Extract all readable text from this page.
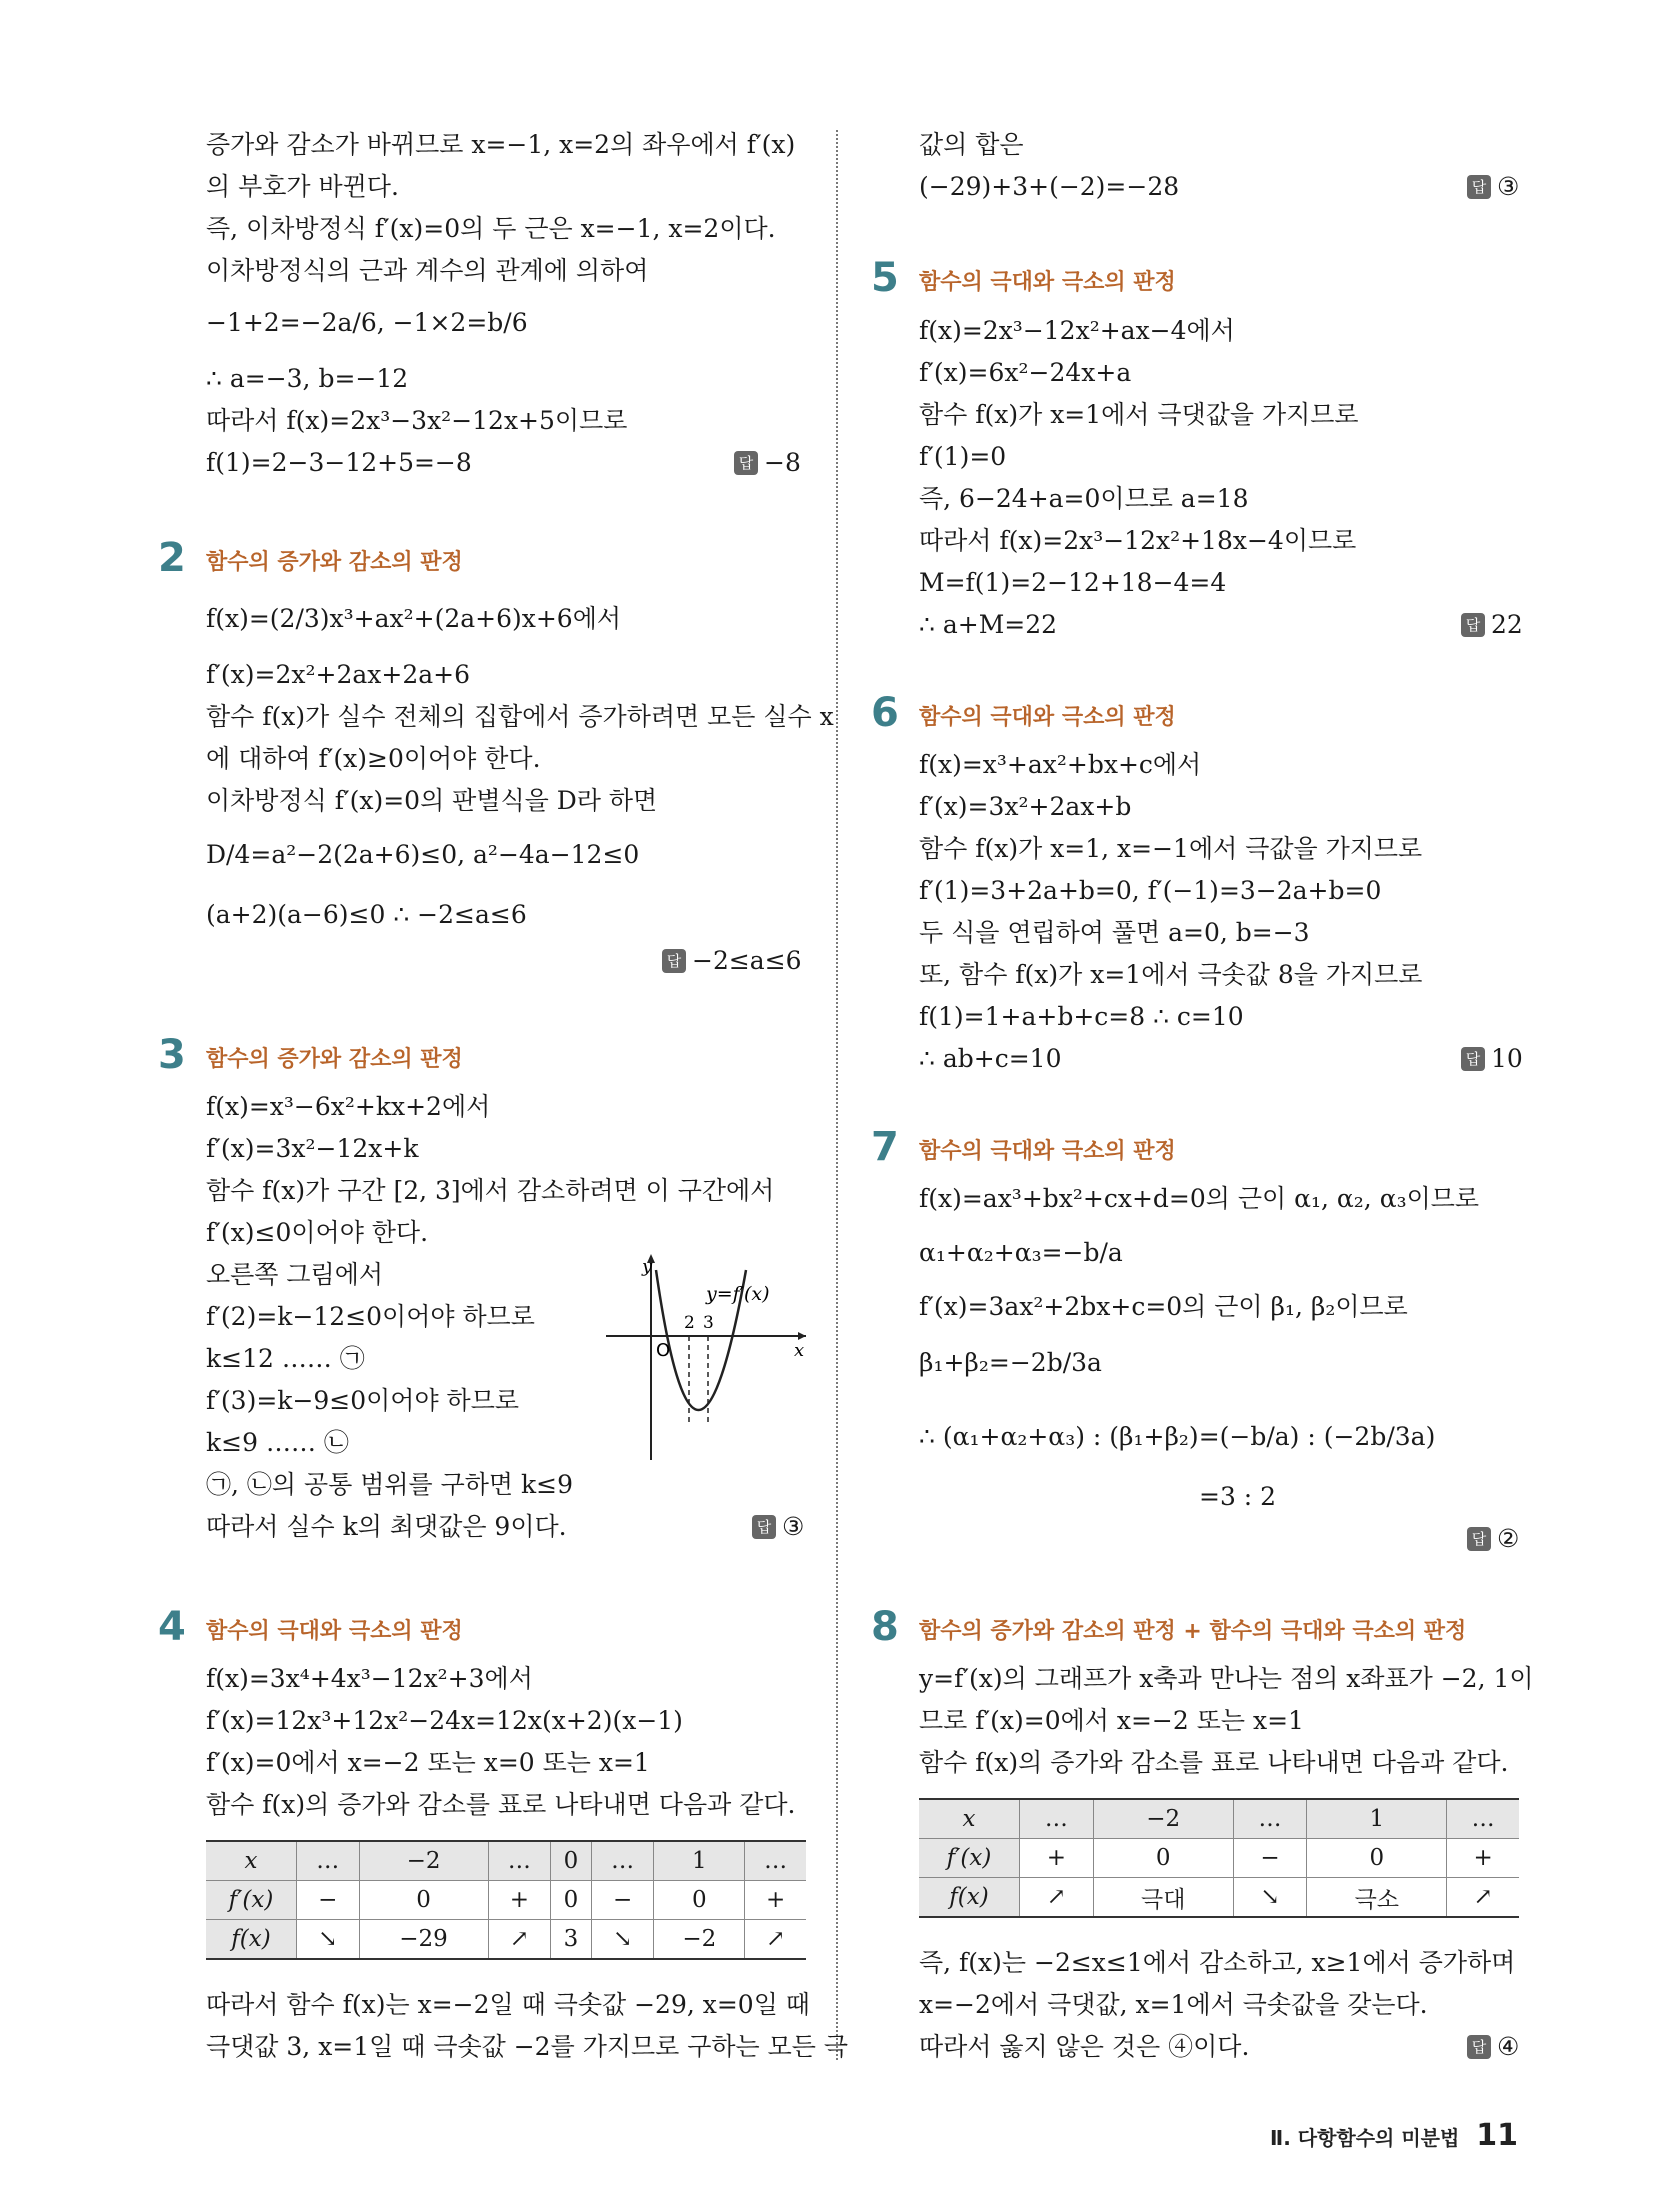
증가와 감소가 바뀌므로 x=−1, x=2의 좌우에서 f′(x)
의 부호가 바뀐다.
즉, 이차방정식 f′(x)=0의 두 근은 x=−1, x=2이다.
이차방정식의 근과 계수의 관계에 의하여
−1+2=−2a/6, −1×2=b/6
∴ a=−3, b=−12
따라서 f(x)=2x³−3x²−12x+5이므로
f(1)=2−3−12+5=−8	답 −8
2 함수의 증가와 감소의 판정
f(x)=(2/3)x³+ax²+(2a+6)x+6에서
f′(x)=2x²+2ax+2a+6
함수 f(x)가 실수 전체의 집합에서 증가하려면 모든 실수 x
에 대하여 f′(x)≥0이어야 한다.
이차방정식 f′(x)=0의 판별식을 D라 하면
D/4=a²−2(2a+6)≤0, a²−4a−12≤0
(a+2)(a−6)≤0 ∴ −2≤a≤6
답 −2≤a≤6
3 함수의 증가와 감소의 판정
f(x)=x³−6x²+kx+2에서
f′(x)=3x²−12x+k
함수 f(x)가 구간 [2, 3]에서 감소하려면 이 구간에서
f′(x)≤0이어야 한다.
오른쪽 그림에서
f′(2)=k−12≤0이어야 하므로
k≤12 …… ㉠
f′(3)=k−9≤0이어야 하므로
k≤9 …… ㉡
㉠, ㉡의 공통 범위를 구하면 k≤9
따라서 실수 k의 최댓값은 9이다.	답 ③
y
x
O
2 3
y=f′(x)
4 함수의 극대와 극소의 판정
f(x)=3x⁴+4x³−12x²+3에서
f′(x)=12x³+12x²−24x=12x(x+2)(x−1)
f′(x)=0에서 x=−2 또는 x=0 또는 x=1
함수 f(x)의 증가와 감소를 표로 나타내면 다음과 같다.
x	…	−2	…	0	…	1	…
f′(x)	−	0	+	0	−	0	+
f(x)	↘	−29	↗	3	↘	−2	↗
따라서 함수 f(x)는 x=−2일 때 극솟값 −29, x=0일 때
극댓값 3, x=1일 때 극솟값 −2를 가지므로 구하는 모든 극
값의 합은
(−29)+3+(−2)=−28	답 ③
5 함수의 극대와 극소의 판정
f(x)=2x³−12x²+ax−4에서
f′(x)=6x²−24x+a
함수 f(x)가 x=1에서 극댓값을 가지므로
f′(1)=0
즉, 6−24+a=0이므로 a=18
따라서 f(x)=2x³−12x²+18x−4이므로
M=f(1)=2−12+18−4=4
∴ a+M=22	답 22
6 함수의 극대와 극소의 판정
f(x)=x³+ax²+bx+c에서
f′(x)=3x²+2ax+b
함수 f(x)가 x=1, x=−1에서 극값을 가지므로
f′(1)=3+2a+b=0, f′(−1)=3−2a+b=0
두 식을 연립하여 풀면 a=0, b=−3
또, 함수 f(x)가 x=1에서 극솟값 8을 가지므로
f(1)=1+a+b+c=8 ∴ c=10
∴ ab+c=10	답 10
7 함수의 극대와 극소의 판정
f(x)=ax³+bx²+cx+d=0의 근이 α₁, α₂, α₃이므로
α₁+α₂+α₃=−b/a
f′(x)=3ax²+2bx+c=0의 근이 β₁, β₂이므로
β₁+β₂=−2b/3a
∴ (α₁+α₂+α₃) : (β₁+β₂)=(−b/a) : (−2b/3a)
=3 : 2
답 ②
8 함수의 증가와 감소의 판정 + 함수의 극대와 극소의 판정
y=f′(x)의 그래프가 x축과 만나는 점의 x좌표가 −2, 1이
므로 f′(x)=0에서 x=−2 또는 x=1
함수 f(x)의 증가와 감소를 표로 나타내면 다음과 같다.
x	…	−2	…	1	…
f′(x)	+	0	−	0	+
f(x)	↗	극대	↘	극소	↗
즉, f(x)는 −2≤x≤1에서 감소하고, x≥1에서 증가하며
x=−2에서 극댓값, x=1에서 극솟값을 갖는다.
따라서 옳지 않은 것은 ④이다.	답 ④
Ⅱ. 다항함수의 미분법 11
